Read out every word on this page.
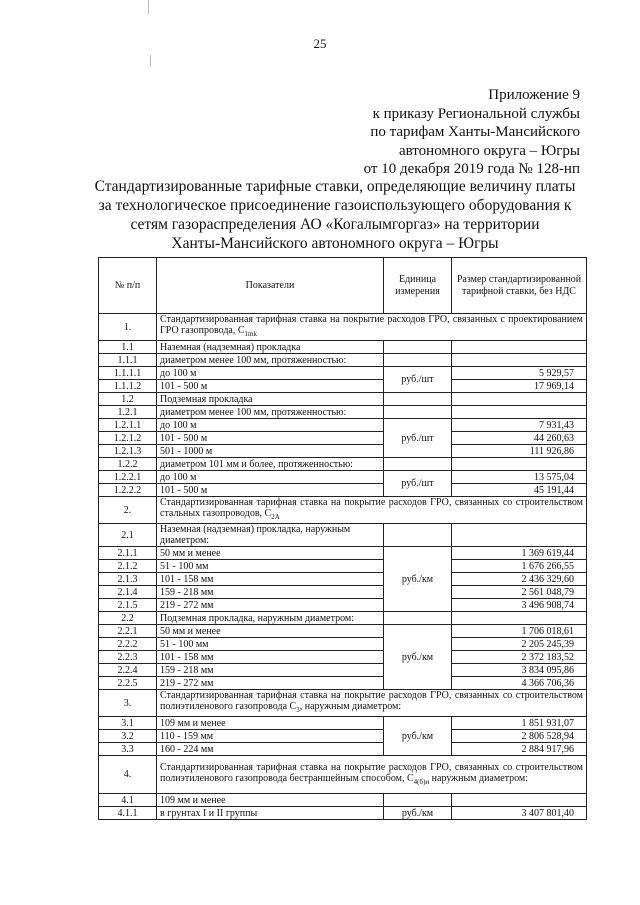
25
Приложение 9
к приказу Региональной службы
по тарифам Ханты-Мансийского
автономного округа – Югры
от 10 декабря 2019 года № 128-нп
Стандартизированные тарифные ставки, определяющие величину платы
за технологическое присоединение газоиспользующего оборудования к
сетям газораспределения АО «Когалымгоргаз» на территории
Ханты-Мансийского автономного округа – Югры
№ п/п	Показатели	Единица измерения	Размер стандартизированной тарифной ставки, без НДС
1.	Стандартизированная тарифная ставка на покрытие расходов ГРО, связанных с проектированием ГРО газопровода, $C_{1mk}$
1.1	Наземная (надземная) прокладка		
1.1.1	диаметром менее 100 мм, протяженностью:		
1.1.1.1	до 100 м	руб./шт	5 929,57
1.1.1.2	101 - 500 м		17 969,14
1.2	Подземная прокладка		
1.2.1	диаметром менее 100 мм, протяженностью:		
1.2.1.1	до 100 м	руб./шт	7 931,43
1.2.1.2	101 - 500 м		44 260,63
1.2.1.3	501 - 1000 м		111 926,86
1.2.2	диаметром 101 мм и более, протяженностью:		
1.2.2.1	до 100 м	руб./шт	13 575,04
1.2.2.2	101 - 500 м		45 191,44
2.	Стандартизированная тарифная ставка на покрытие расходов ГРО, связанных со строительством стальных газопроводов, $C_{2A}$
2.1	Наземная (надземная) прокладка, наружным диаметром:		
2.1.1	50 мм и менее	руб./км	1 369 619,44
2.1.2	51 - 100 мм		1 676 266,55
2.1.3	101 - 158 мм		2 436 329,60
2.1.4	159 - 218 мм		2 561 048,79
2.1.5	219 - 272 мм		3 496 908,74
2.2	Подземная прокладка, наружным диаметром:		
2.2.1	50 мм и менее	руб./км	1 706 018,61
2.2.2	51 - 100 мм		2 205 245,39
2.2.3	101 - 158 мм		2 372 183,52
2.2.4	159 - 218 мм		3 834 095,86
2.2.5	219 - 272 мм		4 366 706,36
3.	Стандартизированная тарифная ставка на покрытие расходов ГРО, связанных со строительством полиэтиленового газопровода $C_3$, наружным диаметром:		
3.1	109 мм и менее	руб./км	1 851 931,07
3.2	110 - 159 мм		2 806 528,94
3.3	160 - 224 мм		2 884 917,96
4.	Стандартизированная тарифная ставка на покрытие расходов ГРО, связанных со строительством полиэтиленового газопровода бестраншейным способом, $C_{4(б)и}$ наружным диаметром:		
4.1	109 мм и менее		
4.1.1	в грунтах I и II группы	руб./км	3 407 801,40
